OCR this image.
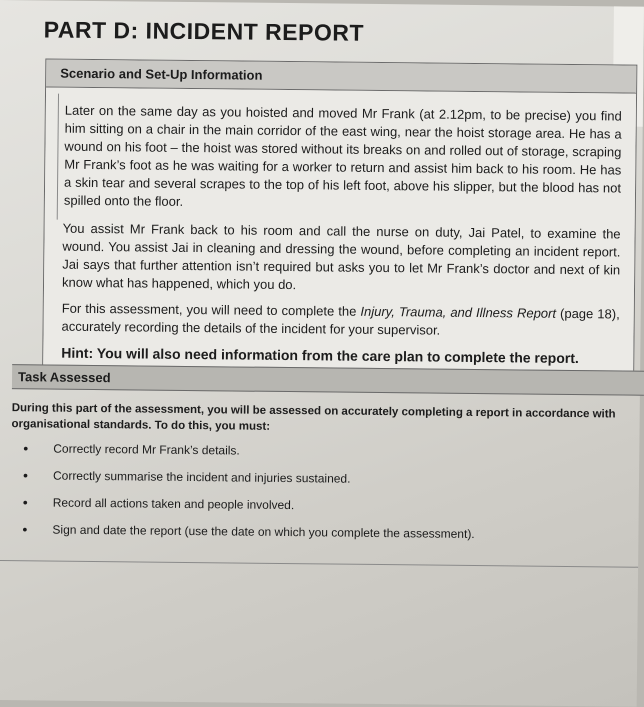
PART D: INCIDENT REPORT
Scenario and Set-Up Information

Later on the same day as you hoisted and moved Mr Frank (at 2.12pm, to be precise) you find him sitting on a chair in the main corridor of the east wing, near the hoist storage area. He has a wound on his foot – the hoist was stored without its breaks on and rolled out of storage, scraping Mr Frank’s foot as he was waiting for a worker to return and assist him back to his room. He has a skin tear and several scrapes to the top of his left foot, above his slipper, but the blood has not spilled onto the floor.

You assist Mr Frank back to his room and call the nurse on duty, Jai Patel, to examine the wound. You assist Jai in cleaning and dressing the wound, before completing an incident report. Jai says that further attention isn’t required but asks you to let Mr Frank’s doctor and next of kin know what has happened, which you do.

For this assessment, you will need to complete the Injury, Trauma, and Illness Report (page 18), accurately recording the details of the incident for your supervisor.

Hint: You will also need information from the care plan to complete the report.

Task Assessed
During this part of the assessment, you will be assessed on accurately completing a report in accordance with organisational standards. To do this, you must:
• Correctly record Mr Frank’s details.
• Correctly summarise the incident and injuries sustained.
• Record all actions taken and people involved.
• Sign and date the report (use the date on which you complete the assessment).
